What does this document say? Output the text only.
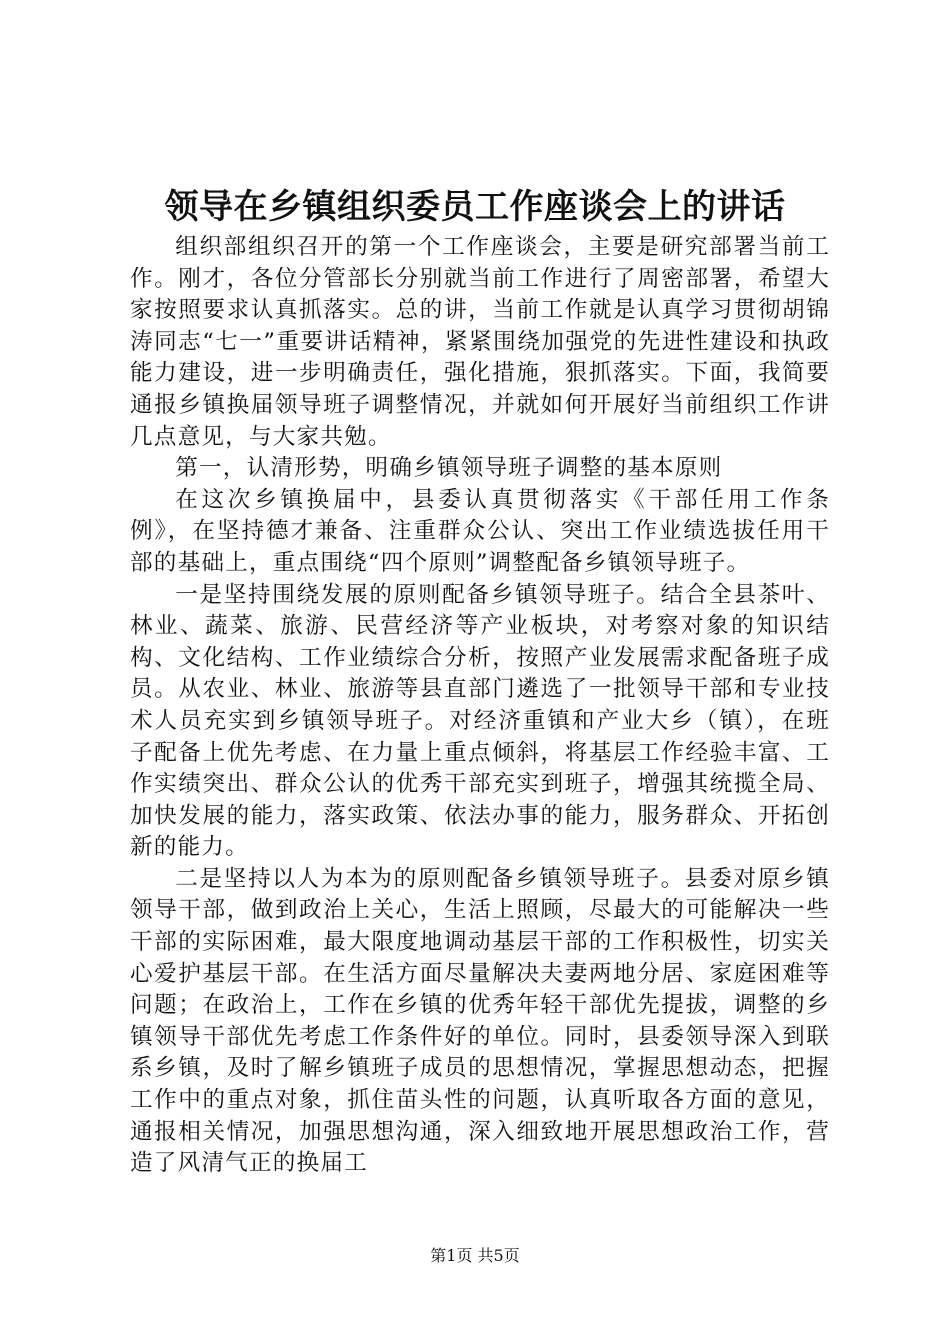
领导在乡镇组织委员工作座谈会上的讲话

组织部组织召开的第一个工作座谈会，主要是研究部署当前工作。刚才，各位分管部长分别就当前工作进行了周密部署，希望大家按照要求认真抓落实。总的讲，当前工作就是认真学习贯彻胡锦涛同志“七一”重要讲话精神，紧紧围绕加强党的先进性建设和执政能力建设，进一步明确责任，强化措施，狠抓落实。下面，我简要通报乡镇换届领导班子调整情况，并就如何开展好当前组织工作讲几点意见，与大家共勉。

第一，认清形势，明确乡镇领导班子调整的基本原则

在这次乡镇换届中，县委认真贯彻落实《干部任用工作条例》，在坚持德才兼备、注重群众公认、突出工作业绩选拔任用干部的基础上，重点围绕“四个原则”调整配备乡镇领导班子。

一是坚持围绕发展的原则配备乡镇领导班子。结合全县茶叶、林业、蔬菜、旅游、民营经济等产业板块，对考察对象的知识结构、文化结构、工作业绩综合分析，按照产业发展需求配备班子成员。从农业、林业、旅游等县直部门遴选了一批领导干部和专业技术人员充实到乡镇领导班子。对经济重镇和产业大乡（镇），在班子配备上优先考虑、在力量上重点倾斜，将基层工作经验丰富、工作实绩突出、群众公认的优秀干部充实到班子，增强其统揽全局、加快发展的能力，落实政策、依法办事的能力，服务群众、开拓创新的能力。

二是坚持以人为本为的原则配备乡镇领导班子。县委对原乡镇领导干部，做到政治上关心，生活上照顾，尽最大的可能解决一些干部的实际困难，最大限度地调动基层干部的工作积极性，切实关心爱护基层干部。在生活方面尽量解决夫妻两地分居、家庭困难等问题；在政治上，工作在乡镇的优秀年轻干部优先提拔，调整的乡镇领导干部优先考虑工作条件好的单位。同时，县委领导深入到联系乡镇，及时了解乡镇班子成员的思想情况，掌握思想动态，把握工作中的重点对象，抓住苗头性的问题，认真听取各方面的意见，通报相关情况，加强思想沟通，深入细致地开展思想政治工作，营造了风清气正的换届工

第1页 共5页
